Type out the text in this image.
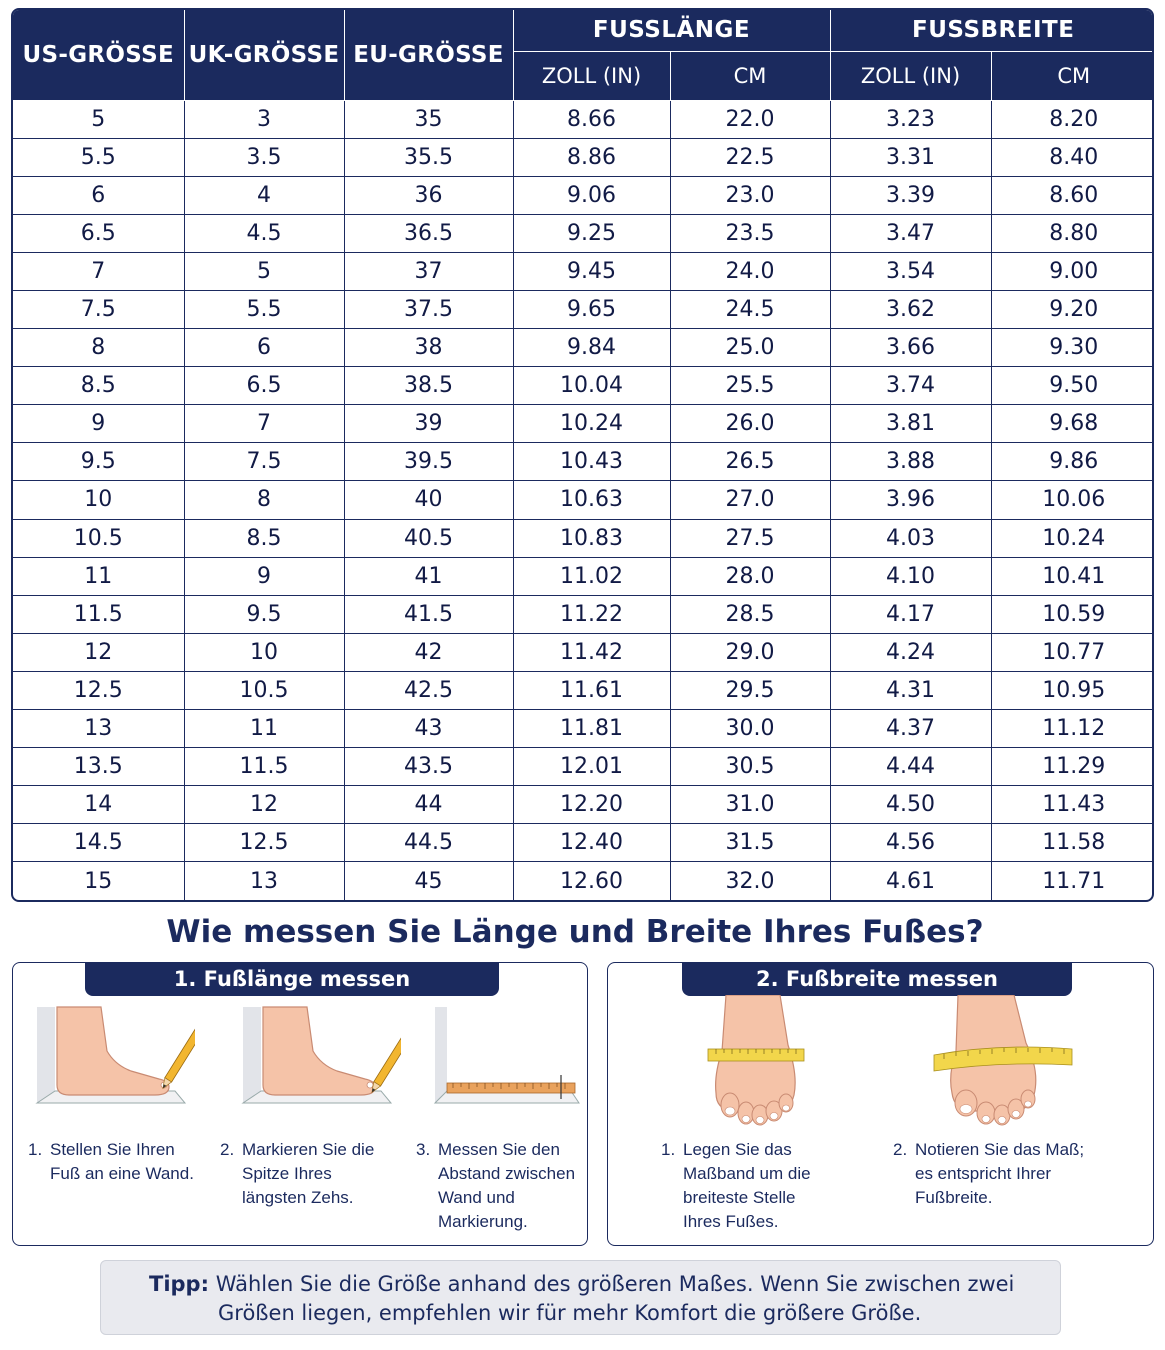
US-GRÖSSE	UK-GRÖSSE	EU-GRÖSSE	FUSSLÄNGE		FUSSBREITE	
			ZOLL (IN)	CM	ZOLL (IN)	CM
5	3	35	8.66	22.0	3.23	8.20
5.5	3.5	35.5	8.86	22.5	3.31	8.40
6	4	36	9.06	23.0	3.39	8.60
6.5	4.5	36.5	9.25	23.5	3.47	8.80
7	5	37	9.45	24.0	3.54	9.00
7.5	5.5	37.5	9.65	24.5	3.62	9.20
8	6	38	9.84	25.0	3.66	9.30
8.5	6.5	38.5	10.04	25.5	3.74	9.50
9	7	39	10.24	26.0	3.81	9.68
9.5	7.5	39.5	10.43	26.5	3.88	9.86
10	8	40	10.63	27.0	3.96	10.06
10.5	8.5	40.5	10.83	27.5	4.03	10.24
11	9	41	11.02	28.0	4.10	10.41
11.5	9.5	41.5	11.22	28.5	4.17	10.59
12	10	42	11.42	29.0	4.24	10.77
12.5	10.5	42.5	11.61	29.5	4.31	10.95
13	11	43	11.81	30.0	4.37	11.12
13.5	11.5	43.5	12.01	30.5	4.44	11.29
14	12	44	12.20	31.0	4.50	11.43
14.5	12.5	44.5	12.40	31.5	4.56	11.58
15	13	45	12.60	32.0	4.61	11.71
Wie messen Sie Länge und Breite Ihres Fußes?
1. Fußlänge messen
1. Stellen Sie Ihren Fuß an eine Wand.
2. Markieren Sie die Spitze Ihres längsten Zehs.
3. Messen Sie den Abstand zwischen Wand und Markierung.
2. Fußbreite messen
1. Legen Sie das Maßband um die breiteste Stelle Ihres Fußes.
2. Notieren Sie das Maß; es entspricht Ihrer Fußbreite.
Tipp: Wählen Sie die Größe anhand des größeren Maßes. Wenn Sie zwischen zwei
Größen liegen, empfehlen wir für mehr Komfort die größere Größe.
